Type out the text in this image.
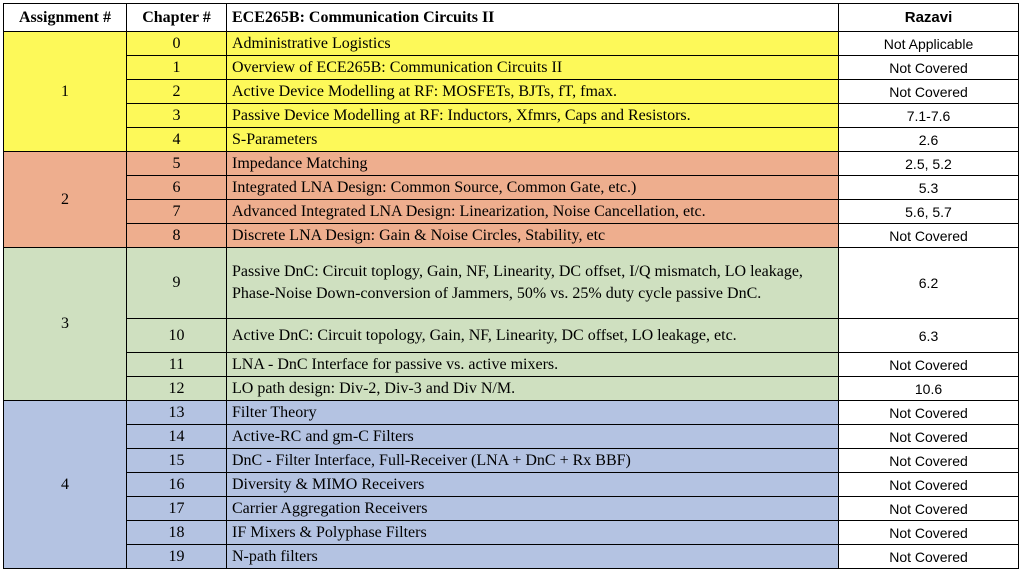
Assignment #	Chapter #	ECE265B: Communication Circuits II	Razavi
1	0	Administrative Logistics	Not Applicable
	1	Overview of ECE265B: Communication Circuits II	Not Covered
	2	Active Device Modelling at RF: MOSFETs, BJTs, fT, fmax.	Not Covered
	3	Passive Device Modelling at RF: Inductors, Xfmrs, Caps and Resistors.	7.1-7.6
	4	S-Parameters	2.6
2	5	Impedance Matching	2.5, 5.2
	6	Integrated LNA Design: Common Source, Common Gate, etc.)	5.3
	7	Advanced Integrated LNA Design: Linearization, Noise Cancellation, etc.	5.6, 5.7
	8	Discrete LNA Design: Gain & Noise Circles, Stability, etc	Not Covered
3	9	Passive DnC: Circuit toplogy, Gain, NF, Linearity, DC offset, I/Q mismatch, LO leakage, Phase-Noise Down-conversion of Jammers, 50% vs. 25% duty cycle passive DnC.	6.2
	10	Active DnC: Circuit topology, Gain, NF, Linearity, DC offset, LO leakage, etc.	6.3
	11	LNA - DnC Interface for passive vs. active mixers.	Not Covered
	12	LO path design: Div-2, Div-3 and Div N/M.	10.6
4	13	Filter Theory	Not Covered
	14	Active-RC and gm-C Filters	Not Covered
	15	DnC - Filter Interface, Full-Receiver (LNA + DnC + Rx BBF)	Not Covered
	16	Diversity & MIMO Receivers	Not Covered
	17	Carrier Aggregation Receivers	Not Covered
	18	IF Mixers & Polyphase Filters	Not Covered
	19	N-path filters	Not Covered
